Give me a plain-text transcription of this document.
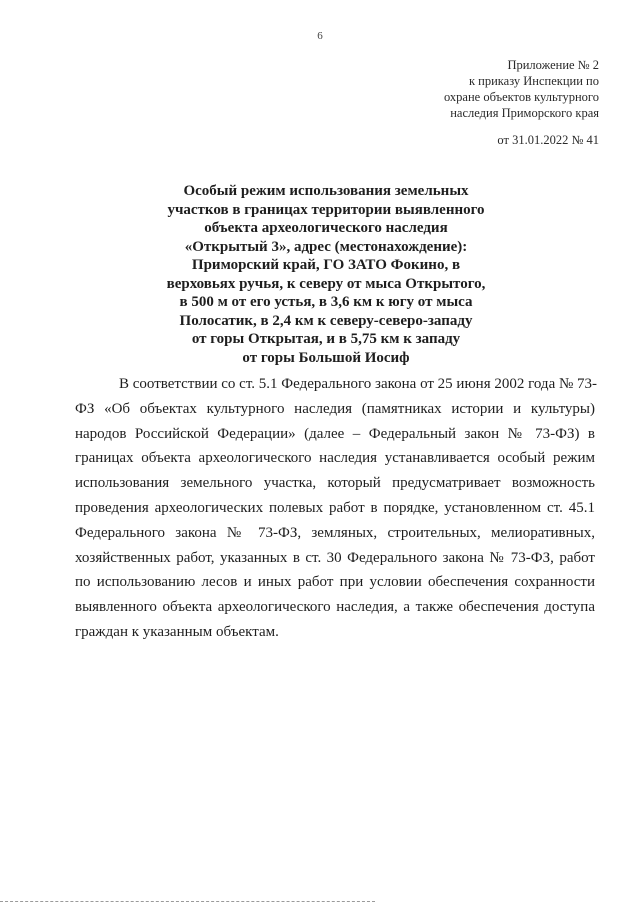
6
Приложение № 2
к приказу Инспекции по
охране объектов культурного
наследия Приморского края
от 31.01.2022 № 41
Особый режим использования земельных
участков в границах территории выявленного
объекта археологического наследия
«Открытый 3», адрес (местонахождение):
Приморский край, ГО ЗАТО Фокино, в
верховьях ручья, к северу от мыса Открытого,
в 500 м от его устья, в 3,6 км к югу от мыса
Полосатик, в 2,4 км к северу-северо-западу
от горы Открытая, и в 5,75 км к западу
от горы Большой Иосиф
В соответствии со ст. 5.1 Федерального закона от 25 июня 2002 года № 73-
ФЗ «Об объектах культурного наследия (памятниках истории и культуры)
народов Российской Федерации» (далее – Федеральный закон № 73-ФЗ) в
границах объекта археологического наследия устанавливается особый режим
использования земельного участка, который предусматривает возможность
проведения археологических полевых работ в порядке, установленном ст. 45.1
Федерального закона № 73-ФЗ, земляных, строительных, мелиоративных,
хозяйственных работ, указанных в ст. 30 Федерального закона № 73-ФЗ, работ
по использованию лесов и иных работ при условии обеспечения сохранности
выявленного объекта археологического наследия, а также обеспечения доступа
граждан к указанным объектам.
